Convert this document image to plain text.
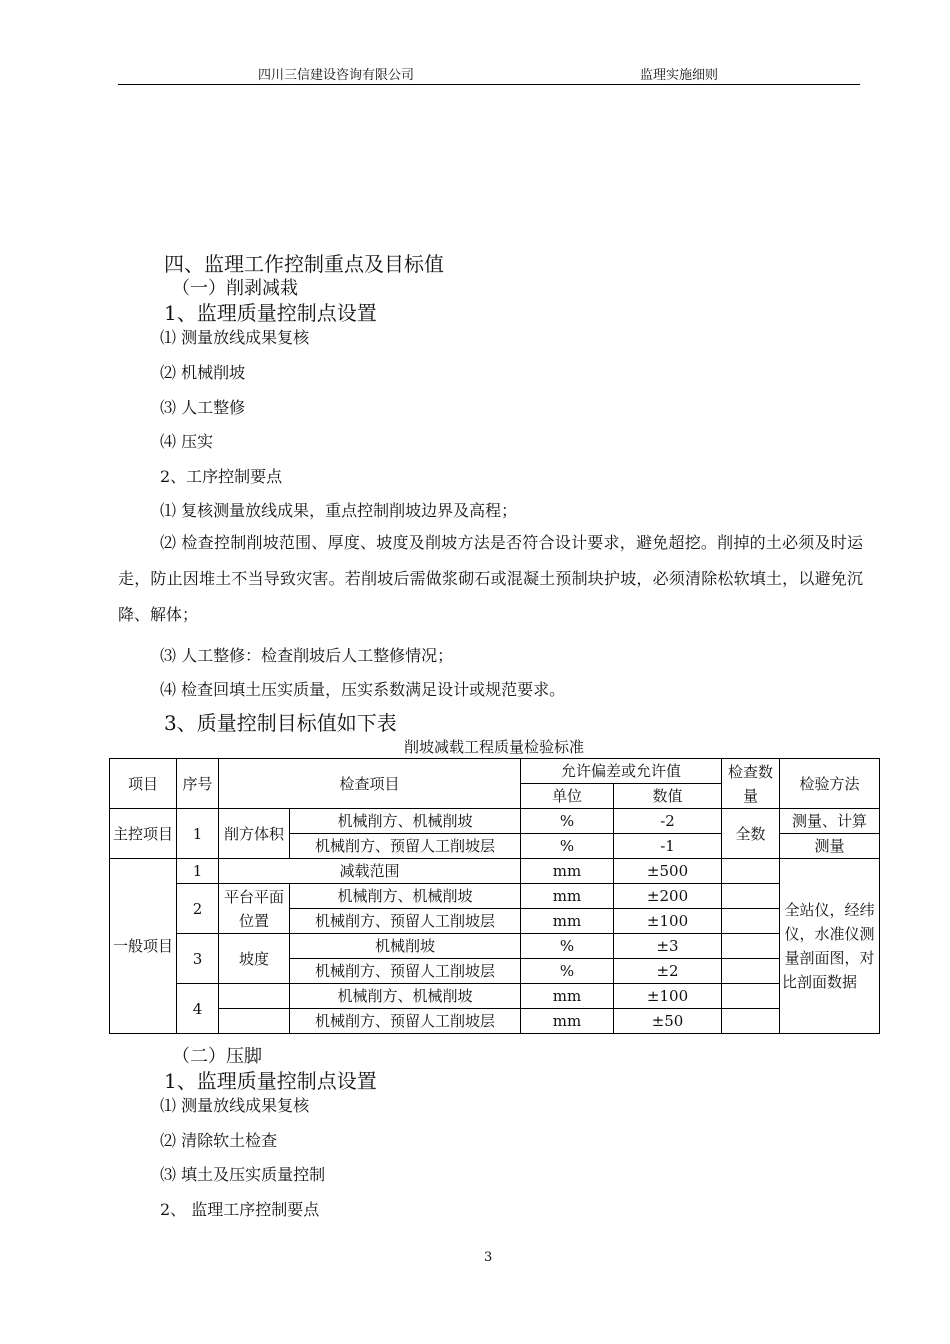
四川三信建设咨询有限公司	监理实施细则
四、监理工作控制重点及目标值
（一）削剥减栽
1、监理质量控制点设置
⑴ 测量放线成果复核
⑵ 机械削坡
⑶ 人工整修
⑷ 压实
2、工序控制要点
⑴ 复核测量放线成果，重点控制削坡边界及高程；
⑵ 检查控制削坡范围、厚度、坡度及削坡方法是否符合设计要求，避免超挖。削掉的土必须及时运走，防止因堆土不当导致灾害。若削坡后需做浆砌石或混凝土预制块护坡，必须清除松软填土，以避免沉降、解体；
⑶ 人工整修：检查削坡后人工整修情况；
⑷ 检查回填土压实质量，压实系数满足设计或规范要求。
3、质量控制目标值如下表
削坡减载工程质量检验标准
项目	序号	检查项目		允许偏差或允许值		检查数量	检验方法
				单位	数值		
主控项目	1	削方体积	机械削方、机械削坡	%	-2	全数	测量、计算
			机械削方、预留人工削坡层	%	-1		测量
一般项目	1	减载范围		mm	±500		全站仪，经纬仪，水准仪测量剖面图，对比剖面数据
	2	平台平面位置	机械削方、机械削坡	mm	±200		
			机械削方、预留人工削坡层	mm	±100		
	3	坡度	机械削坡	%	±3		
			机械削方、预留人工削坡层	%	±2		
	4		机械削方、机械削坡	mm	±100		
			机械削方、预留人工削坡层	mm	±50		
（二）压脚
1、监理质量控制点设置
⑴ 测量放线成果复核
⑵ 清除软土检查
⑶ 填土及压实质量控制
2、 监理工序控制要点
3
